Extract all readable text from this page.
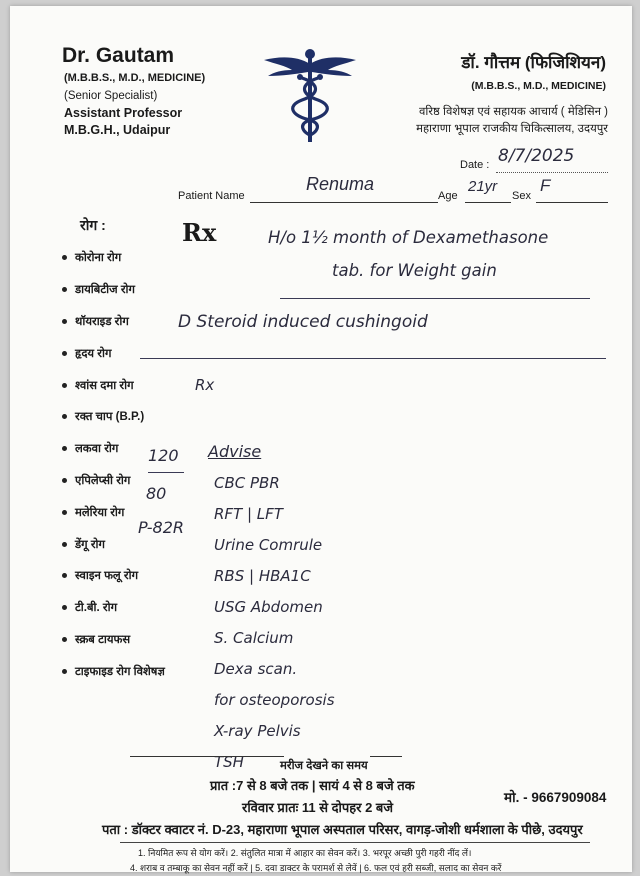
Dr. Gautam
(M.B.B.S., M.D., MEDICINE)
(Senior Specialist)
Assistant Professor
M.B.G.H., Udaipur
डॉ. गौत्तम (फिजिशियन)
(M.B.B.S., M.D., MEDICINE)
वरिष्ठ विशेषज्ञ एवं सहायक आचार्य ( मेडिसिन )
महाराणा भूपाल राजकीय चिकित्सालय, उदयपुर
Date : 8/7/2025
Patient Name
Renuma
Age
21yr
Sex
F
रोग :
कोरोना रोग
डायबिटीज रोग
थॉयराइड रोग
हृदय रोग
श्वांस दमा रोग
रक्त चाप (B.P.)
लकवा रोग
एपिलेप्सी रोग
मलेरिया रोग
डेंगू रोग
स्वाइन फलू रोग
टी.बी. रोग
स्क्रब टायफस
टाइफाइड रोग विशेषज्ञ
Rx	H/o 1½ month of Dexamethasone
tab. for Weight gain
D Steroid induced cushingoid
Rx
120
80
P-82R
Advise
CBC PBR
RFT | LFT
Urine Comrule
RBS | HBA1C
USG Abdomen
S. Calcium
Dexa scan.
for osteoporosis
X-ray Pelvis
TSH	मरीज देखने का समय
प्रात :7 से 8 बजे तक | सायं 4 से 8 बजे तक
रविवार प्रातः 11 से दोपहर 2 बजे
मो. - 9667909084
पता : डॉक्टर क्वाटर नं. D-23, महाराणा भूपाल अस्पताल परिसर, वागड़-जोशी धर्मशाला के पीछे, उदयपुर
1. नियमित रूप से योग करें। 2. संतुलित मात्रा में आहार का सेवन करें। 3. भरपूर अच्छी पुरी गहरी नींद लें।
4. शराब व तम्बाकू का सेवन नहीं करें | 5. दवा डाक्टर के परामर्श से लेवें | 6. फल एवं हरी सब्जी, सलाद का सेवन करें
